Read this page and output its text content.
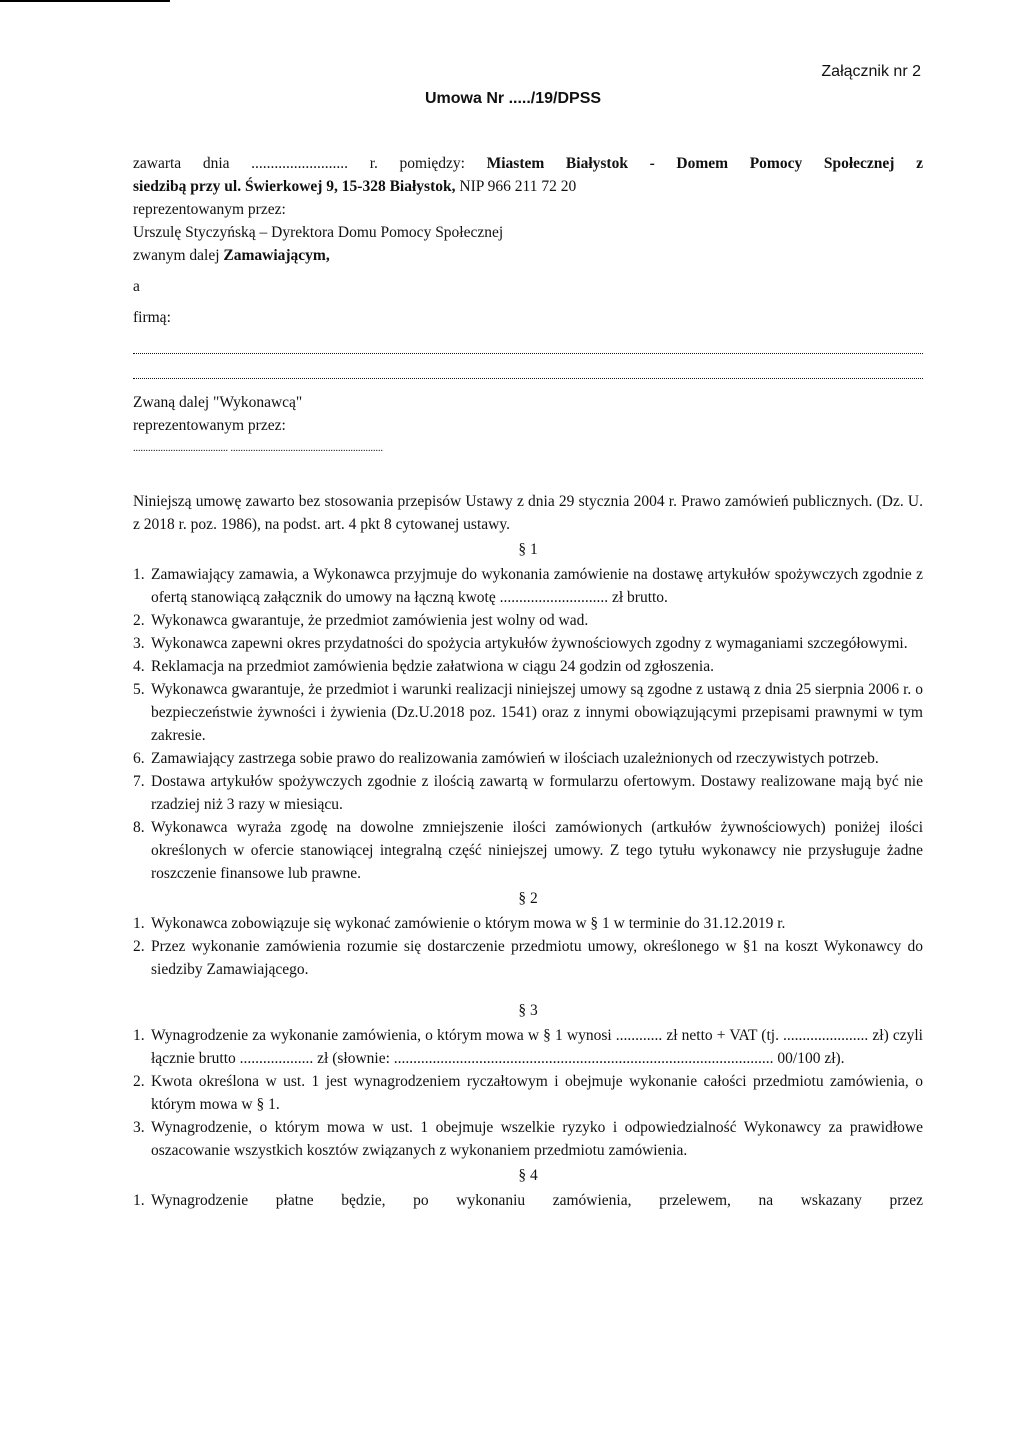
Załącznik nr 2
Umowa Nr ...../19/DPSS
zawarta dnia ......................... r. pomiędzy: Miastem Białystok - Domem Pomocy Społecznej z
siedzibą przy ul. Świerkowej 9, 15-328 Białystok, NIP 966 211 72 20
reprezentowanym przez:
Urszulę Styczyńską – Dyrektora Domu Pomocy Społecznej
zwanym dalej Zamawiającym,
a
firmą:
Zwaną dalej "Wykonawcą"
reprezentowanym przez:
...................................... .............................................................
Niniejszą umowę zawarto bez stosowania przepisów Ustawy z dnia 29 stycznia 2004 r. Prawo zamówień publicznych. (Dz. U. z 2018 r. poz. 1986), na podst. art. 4 pkt 8 cytowanej ustawy.
§ 1
1. Zamawiający zamawia, a Wykonawca przyjmuje do wykonania zamówienie na dostawę artykułów spożywczych zgodnie z ofertą stanowiącą załącznik do umowy na łączną kwotę ............................ zł brutto.
2. Wykonawca gwarantuje, że przedmiot zamówienia jest wolny od wad.
3. Wykonawca zapewni okres przydatności do spożycia artykułów żywnościowych zgodny z wymaganiami szczegółowymi.
4. Reklamacja na przedmiot zamówienia będzie załatwiona w ciągu 24 godzin od zgłoszenia.
5. Wykonawca gwarantuje, że przedmiot i warunki realizacji niniejszej umowy są zgodne z ustawą z dnia 25 sierpnia 2006 r. o bezpieczeństwie żywności i żywienia (Dz.U.2018 poz. 1541) oraz z innymi obowiązującymi przepisami prawnymi w tym zakresie.
6. Zamawiający zastrzega sobie prawo do realizowania zamówień w ilościach uzależnionych od rzeczywistych potrzeb.
7. Dostawa artykułów spożywczych zgodnie z ilością zawartą w formularzu ofertowym. Dostawy realizowane mają być nie rzadziej niż 3 razy w miesiącu.
8. Wykonawca wyraża zgodę na dowolne zmniejszenie ilości zamówionych (artkułów żywnościowych) poniżej ilości określonych w ofercie stanowiącej integralną część niniejszej umowy. Z tego tytułu wykonawcy nie przysługuje żadne roszczenie finansowe lub prawne.
§ 2
1. Wykonawca zobowiązuje się wykonać zamówienie o którym mowa w § 1 w terminie do 31.12.2019 r.
2. Przez wykonanie zamówienia rozumie się dostarczenie przedmiotu umowy, określonego w §1 na koszt Wykonawcy do siedziby Zamawiającego.
§ 3
1. Wynagrodzenie za wykonanie zamówienia, o którym mowa w § 1 wynosi ............ zł netto + VAT (tj. ...................... zł) czyli łącznie brutto ................... zł (słownie: .................................................................................................. 00/100 zł).
2. Kwota określona w ust. 1 jest wynagrodzeniem ryczałtowym i obejmuje wykonanie całości przedmiotu zamówienia, o którym mowa w § 1.
3. Wynagrodzenie, o którym mowa w ust. 1 obejmuje wszelkie ryzyko i odpowiedzialność Wykonawcy za prawidłowe oszacowanie wszystkich kosztów związanych z wykonaniem przedmiotu zamówienia.
§ 4
1. Wynagrodzenie płatne będzie, po wykonaniu zamówienia, przelewem, na wskazany przez
